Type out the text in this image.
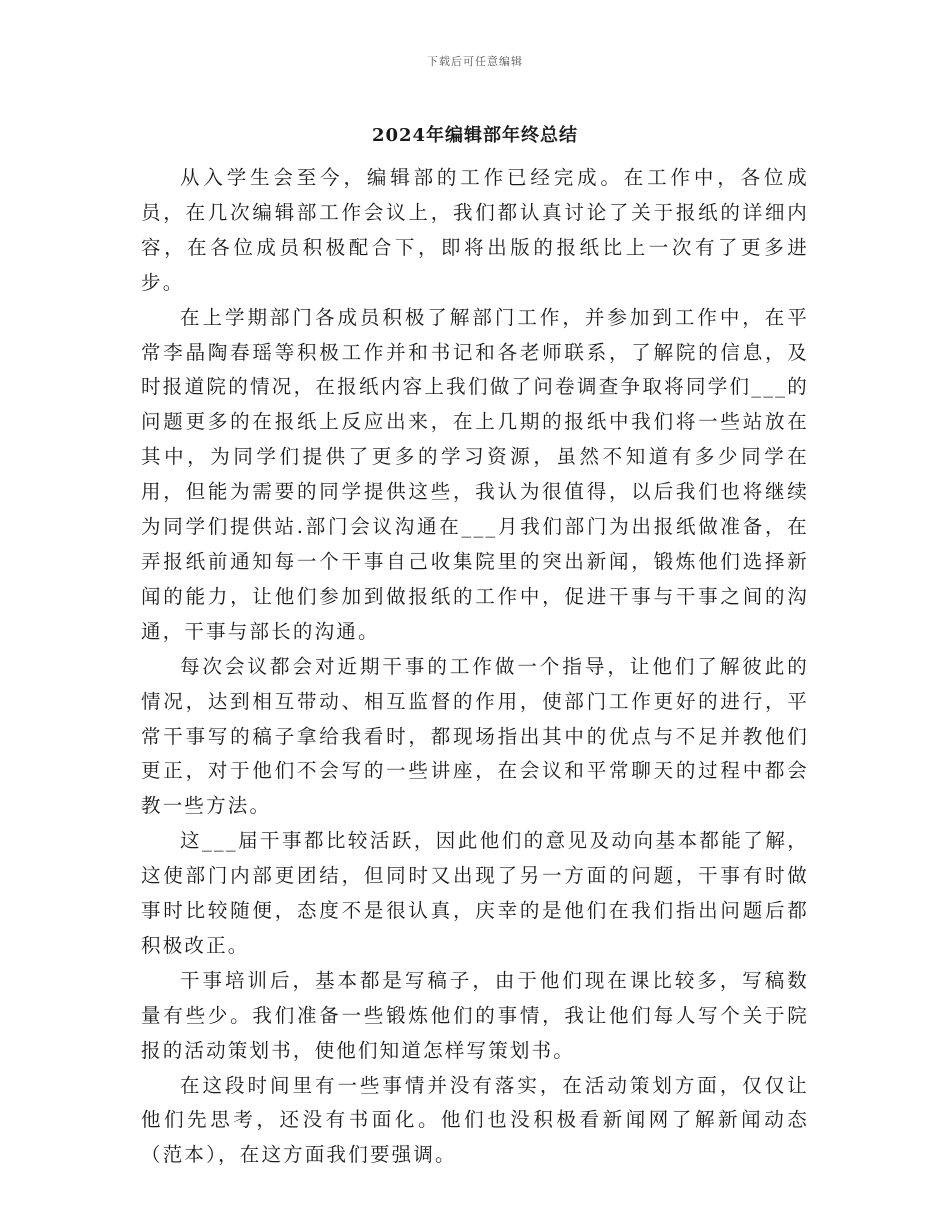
下载后可任意编辑
2024年编辑部年终总结

从入学生会至今，编辑部的工作已经完成。在工作中，各位成员，在几次编辑部工作会议上，我们都认真讨论了关于报纸的详细内容，在各位成员积极配合下，即将出版的报纸比上一次有了更多进步。

在上学期部门各成员积极了解部门工作，并参加到工作中，在平常李晶陶春瑶等积极工作并和书记和各老师联系，了解院的信息，及时报道院的情况，在报纸内容上我们做了问卷调查争取将同学们___的问题更多的在报纸上反应出来，在上几期的报纸中我们将一些站放在其中，为同学们提供了更多的学习资源，虽然不知道有多少同学在用，但能为需要的同学提供这些，我认为很值得，以后我们也将继续为同学们提供站.部门会议沟通在___月我们部门为出报纸做准备，在弄报纸前通知每一个干事自己收集院里的突出新闻，锻炼他们选择新闻的能力，让他们参加到做报纸的工作中，促进干事与干事之间的沟通，干事与部长的沟通。

每次会议都会对近期干事的工作做一个指导，让他们了解彼此的情况，达到相互带动、相互监督的作用，使部门工作更好的进行，平常干事写的稿子拿给我看时，都现场指出其中的优点与不足并教他们更正，对于他们不会写的一些讲座，在会议和平常聊天的过程中都会教一些方法。

这___届干事都比较活跃，因此他们的意见及动向基本都能了解，这使部门内部更团结，但同时又出现了另一方面的问题，干事有时做事时比较随便，态度不是很认真，庆幸的是他们在我们指出问题后都积极改正。

干事培训后，基本都是写稿子，由于他们现在课比较多，写稿数量有些少。我们准备一些锻炼他们的事情，我让他们每人写个关于院报的活动策划书，使他们知道怎样写策划书。

在这段时间里有一些事情并没有落实，在活动策划方面，仅仅让他们先思考，还没有书面化。他们也没积极看新闻网了解新闻动态（范本），在这方面我们要强调。
